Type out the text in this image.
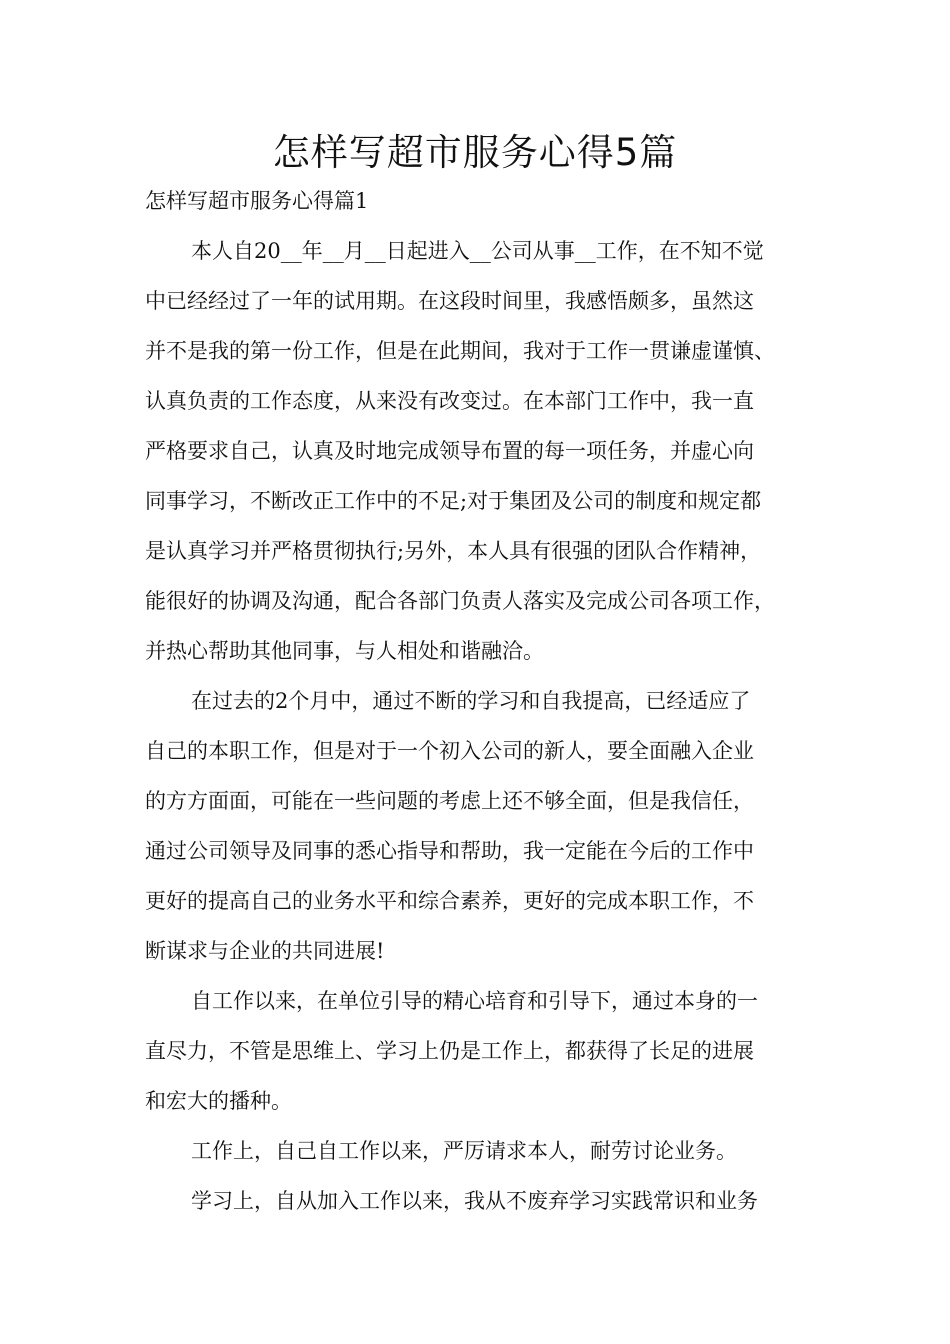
怎样写超市服务心得5篇

怎样写超市服务心得篇1

本人自20__年__月__日起进入__公司从事__工作，在不知不觉

中已经经过了一年的试用期。在这段时间里，我感悟颇多，虽然这

并不是我的第一份工作，但是在此期间，我对于工作一贯谦虚谨慎、

认真负责的工作态度，从来没有改变过。在本部门工作中，我一直

严格要求自己，认真及时地完成领导布置的每一项任务，并虚心向

同事学习，不断改正工作中的不足;对于集团及公司的制度和规定都

是认真学习并严格贯彻执行;另外，本人具有很强的团队合作精神，

能很好的协调及沟通，配合各部门负责人落实及完成公司各项工作，

并热心帮助其他同事，与人相处和谐融洽。

在过去的2个月中，通过不断的学习和自我提高，已经适应了

自己的本职工作，但是对于一个初入公司的新人，要全面融入企业

的方方面面，可能在一些问题的考虑上还不够全面，但是我信任，

通过公司领导及同事的悉心指导和帮助，我一定能在今后的工作中

更好的提高自己的业务水平和综合素养，更好的完成本职工作，不

断谋求与企业的共同进展!

自工作以来，在单位引导的精心培育和引导下，通过本身的一

直尽力，不管是思维上、学习上仍是工作上，都获得了长足的进展

和宏大的播种。

工作上，自己自工作以来，严厉请求本人，耐劳讨论业务。

学习上，自从加入工作以来，我从不废弃学习实践常识和业务
